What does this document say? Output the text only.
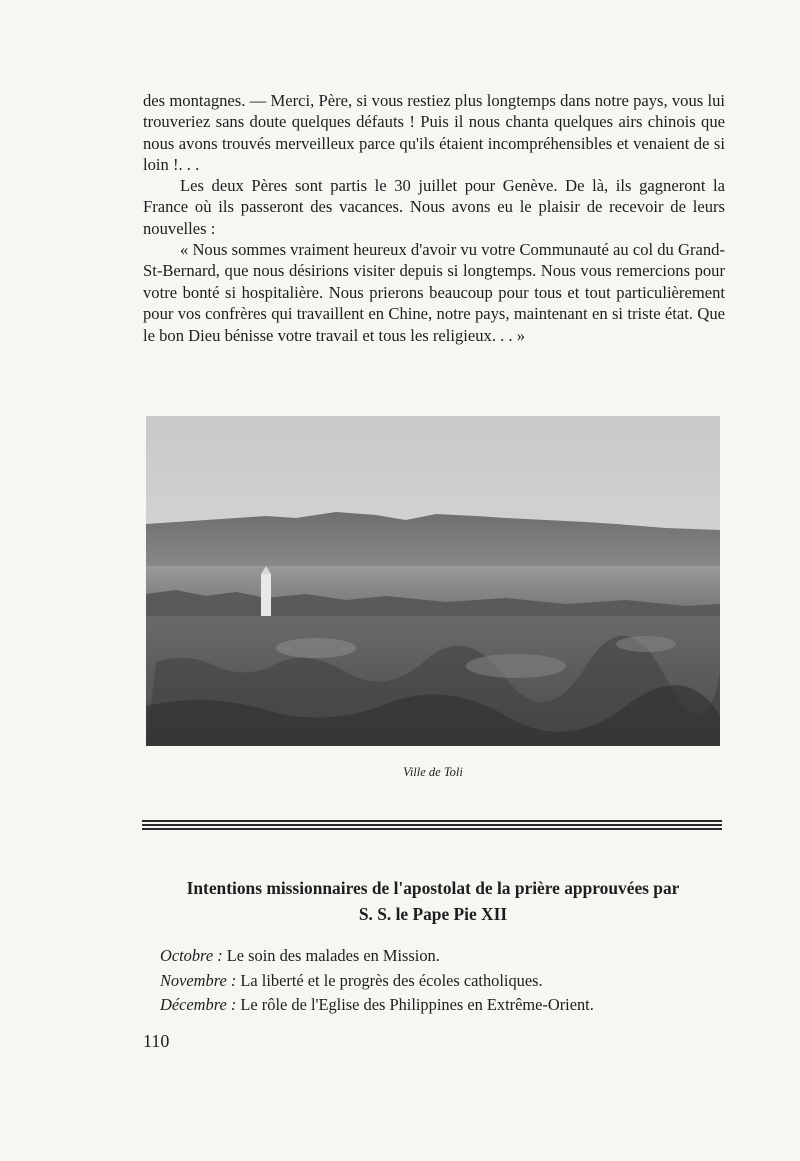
des montagnes. — Merci, Père, si vous restiez plus longtemps dans notre pays, vous lui trouveriez sans doute quelques défauts ! Puis il nous chanta quelques airs chinois que nous avons trouvés merveilleux parce qu'ils étaient incompréhensibles et venaient de si loin !. . .

Les deux Pères sont partis le 30 juillet pour Genève. De là, ils gagneront la France où ils passeront des vacances. Nous avons eu le plaisir de recevoir de leurs nouvelles :

« Nous sommes vraiment heureux d'avoir vu votre Communauté au col du Grand-St-Bernard, que nous désirions visiter depuis si longtemps. Nous vous remercions pour votre bonté si hospitalière. Nous prierons beaucoup pour tous et tout particulièrement pour vos confrères qui travaillent en Chine, notre pays, maintenant en si triste état. Que le bon Dieu bénisse votre travail et tous les religieux. . . »

Ville de Toli
Intentions missionnaires de l'apostolat de la prière approuvées par
S. S. le Pape Pie XII
Octobre : Le soin des malades en Mission.
Novembre : La liberté et le progrès des écoles catholiques.
Décembre : Le rôle de l'Eglise des Philippines en Extrême-Orient.
110
